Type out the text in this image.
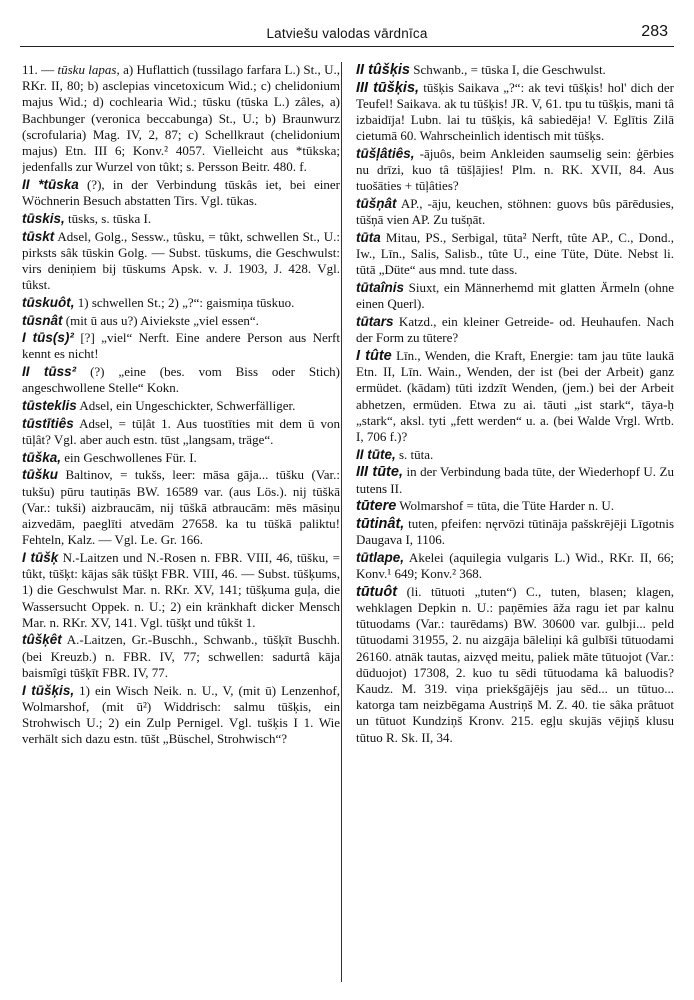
Latviešu valodas vārdnīca	283
11. — tūsku lapas, a) Huflattich (tussilago farfara L.) St., U., RKr. II, 80; b) asclepias vincetoxicum Wid.; c) chelidonium majus Wid.; d) cochlearia Wid.; tūsku (tūska L.) zâles, a) Bachbunger (veronica beccabunga) St., U.; b) Braunwurz (scrofularia) Mag. IV, 2, 87; c) Schellkraut (chelidonium majus) Etn. III 6; Konv.² 4057. Vielleicht aus *tūkska; jedenfalls zur Wurzel von tûkt; s. Persson Beitr. 480. f.
II *tūska (?), in der Verbindung tūskâs iet, bei einer Wöchnerin Besuch abstatten Tirs. Vgl. tūkas.
tūskis, tūsks, s. tūska I.
tūskt Adsel, Golg., Sessw., tûsku, = tûkt, schwellen St., U.: pirksts sâk tūskin Golg. — Subst. tūskums, die Geschwulst: virs deniņiem bij tūskums Apsk. v. J. 1903, J. 428. Vgl. tûkst.
tūskuôt, 1) schwellen St.; 2) „?“: gaismiņa tūskuo.
tūsnât (mit ū aus u?) Aiviekste „viel essen“.
I tūs(s)² [?] „viel“ Nerft. Eine andere Person aus Nerft kennt es nicht!
II tūss² (?) „eine (bes. vom Biss oder Stich) angeschwollene Stelle“ Kokn.
tūsteklis Adsel, ein Ungeschickter, Schwerfälliger.
tūstītiês Adsel, = tūļât 1. Aus tuostīties mit dem ū von tūļât? Vgl. aber auch estn. tūst „langsam, träge“.
tūška, ein Geschwollenes Für. I.
tūšku Baltinov, = tukšs, leer: māsa gāja... tūšku (Var.: tukšu) pūru tautiņās BW. 16589 var. (aus Lös.). nij tūškā (Var.: tukši) aizbraucām, nij tūškā atbraucām: mēs māsiņu aizvedām, paeglīti atvedām 27658. ka tu tūškā paliktu! Fehteln, Kalz. — Vgl. Le. Gr. 166.
I tūšķ N.-Laitzen und N.-Rosen n. FBR. VIII, 46, tūšku, = tûkt, tūšķt: kājas sâk tūšķt FBR. VIII, 46. — Subst. tūšķums, 1) die Geschwulst Mar. n. RKr. XV, 141; tūšķuma guļa, die Wassersucht Oppek. n. U.; 2) ein kränkhaft dicker Mensch Mar. n. RKr. XV, 141. Vgl. tūšķt und tûkšt 1.
tûšķêt A.-Laitzen, Gr.-Buschh., Schwanb., tūšķīt Buschh. (bei Kreuzb.) n. FBR. IV, 77; schwellen: sadurtâ kāja baismîgi tūšķīt FBR. IV, 77.
I tūšķis, 1) ein Wisch Neik. n. U., V, (mit ū) Lenzenhof, Wolmarshof, (mit ū²) Widdrisch: salmu tūšķis, ein Strohwisch U.; 2) ein Zulp Pernigel. Vgl. tušķis I 1. Wie verhält sich dazu estn. tūšt „Büschel, Strohwisch“?
II tûšķis Schwanb., = tūska I, die Geschwulst.
III tūšķis, tūšķis Saikava „?“: ak tevi tūšķis! hol' dich der Teufel! Saikava. ak tu tūšķis! JR. V, 61. tpu tu tūšķis, mani tâ izbaidīja! Lubn. lai tu tūšķis, kâ sabiedēja! V. Eglītis Zilā cietumā 60. Wahrscheinlich identisch mit tūšķs.
tūšļâtiês, -ājuôs, beim Ankleiden saumselig sein: ģērbies nu drīzi, kuo tâ tūšļājies! Plm. n. RK. XVII, 84. Aus tuošāties + tūļâties?
tūšņât AP., -āju, keuchen, stöhnen: guovs bûs pārēdusies, tūšņā vien AP. Zu tušņāt.
tūta Mitau, PS., Serbigal, tūta² Nerft, tûte AP., C., Dond., Iw., Līn., Salis, Salisb., tûte U., eine Tüte, Düte. Nebst li. tūtā „Düte“ aus mnd. tute dass.
tūtaînis Siuxt, ein Männerhemd mit glatten Ärmeln (ohne einen Querl).
tūtars Katzd., ein kleiner Getreide- od. Heuhaufen. Nach der Form zu tūtere?
I tûte Līn., Wenden, die Kraft, Energie: tam jau tūte laukā Etn. II, Līn. Wain., Wenden, der ist (bei der Arbeit) ganz ermüdet. (kādam) tūti izdzīt Wenden, (jem.) bei der Arbeit abhetzen, ermüden. Etwa zu ai. tāuti „ist stark“, tāya-ḥ „stark“, aksl. tyti „fett werden“ u. a. (bei Walde Vrgl. Wrtb. I, 706 f.)?
II tūte, s. tūta.
III tūte, in der Verbindung bada tūte, der Wiederhopf U. Zu tutens II.
tūtere Wolmarshof = tūta, die Tüte Harder n. U.
tūtinât, tuten, pfeifen: nęrvōzi tūtināja pašskrējēji Līgotnis Daugava I, 1106.
tūtlape, Akelei (aquilegia vulgaris L.) Wid., RKr. II, 66; Konv.¹ 649; Konv.² 368.
tūtuôt (li. tūtuoti „tuten“) C., tuten, blasen; klagen, wehklagen Depkin n. U.: paņēmies āža ragu iet par kalnu tūtuodams (Var.: taurēdams) BW. 30600 var. gulbji... peld tūtuodami 31955, 2. nu aizgāja bāleliņi kâ gulbīši tūtuodami 26160. atnāk tautas, aizvęd meitu, paliek māte tūtuojot (Var.: dūduojot) 17308, 2. kuo tu sēdi tūtuodama kâ baluodis? Kaudz. M. 319. viņa priekšgājējs jau sēd... un tūtuo... katorga tam neizbēgama Austriņš M. Z. 40. tie sâka prâtuot un tūtuot Kundziņš Kronv. 215. egļu skujās vējiņš klusu tūtuo R. Sk. II, 34.
